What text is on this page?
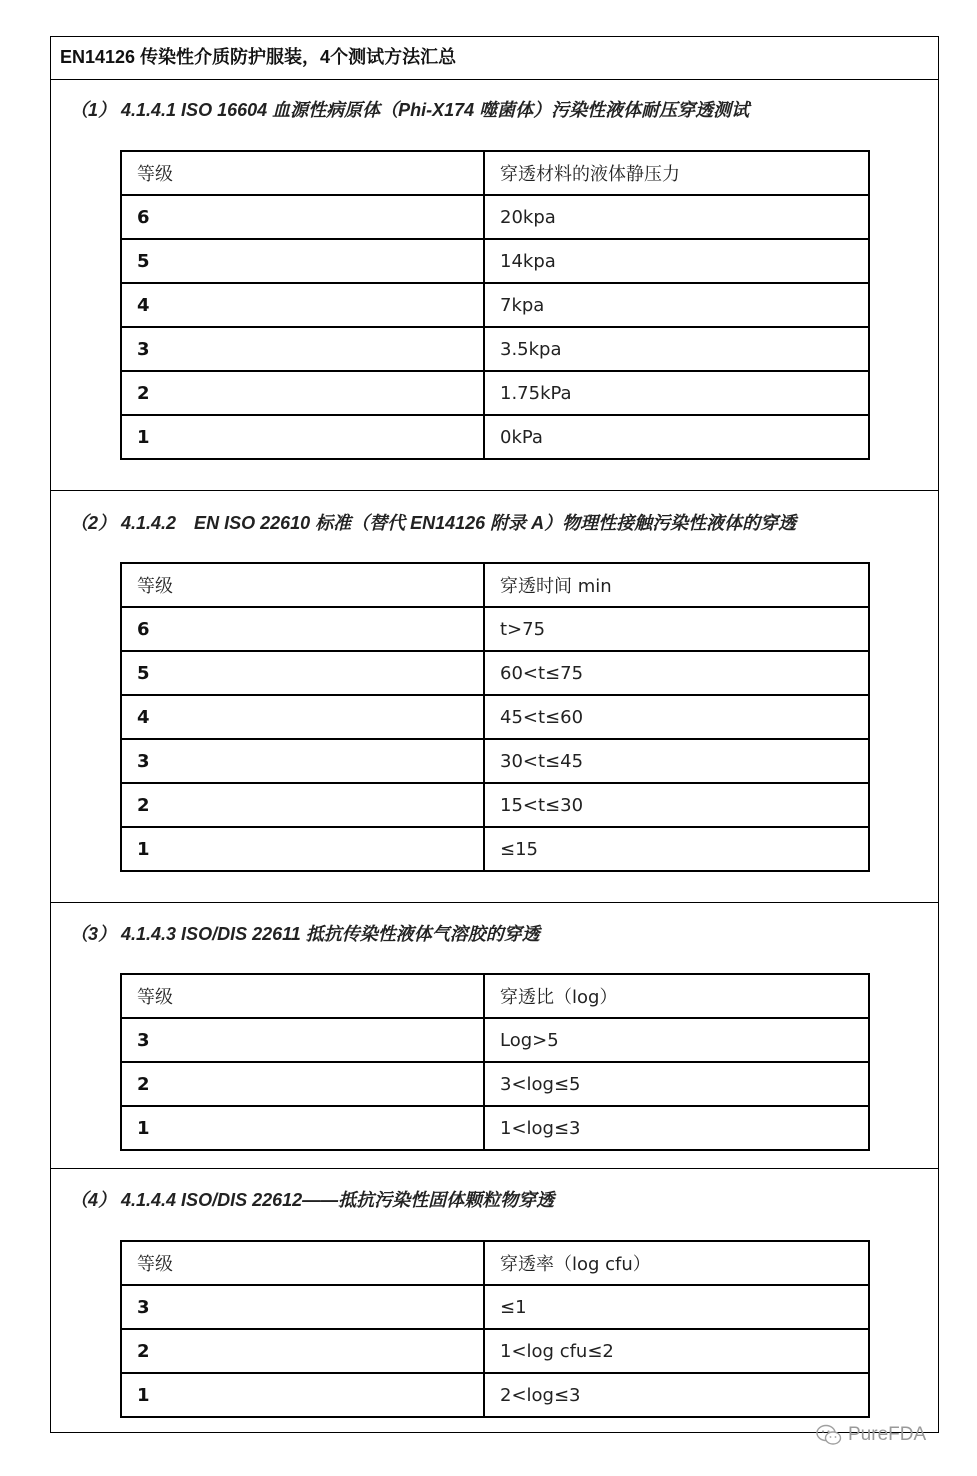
EN14126 传染性介质防护服装，4个测试方法汇总
（1） 4.1.4.1 ISO 16604 血源性病原体（Phi-X174 噬菌体）污染性液体耐压穿透测试
等级	穿透材料的液体静压力
6	20kpa
5	14kpa
4	7kpa
3	3.5kpa
2	1.75kPa
1	0kPa
（2） 4.1.4.2　EN ISO 22610 标准（替代 EN14126 附录 A）物理性接触污染性液体的穿透
等级	穿透时间 min
6	t>75
5	60<t≤75
4	45<t≤60
3	30<t≤45
2	15<t≤30
1	≤15
（3） 4.1.4.3 ISO/DIS 22611 抵抗传染性液体气溶胶的穿透
等级	穿透比（log）
3	Log>5
2	3<log≤5
1	1<log≤3
（4） 4.1.4.4 ISO/DIS 22612——抵抗污染性固体颗粒物穿透
等级	穿透率（log cfu）
3	≤1
2	1<log cfu≤2
1	2<log≤3
PureFDA
